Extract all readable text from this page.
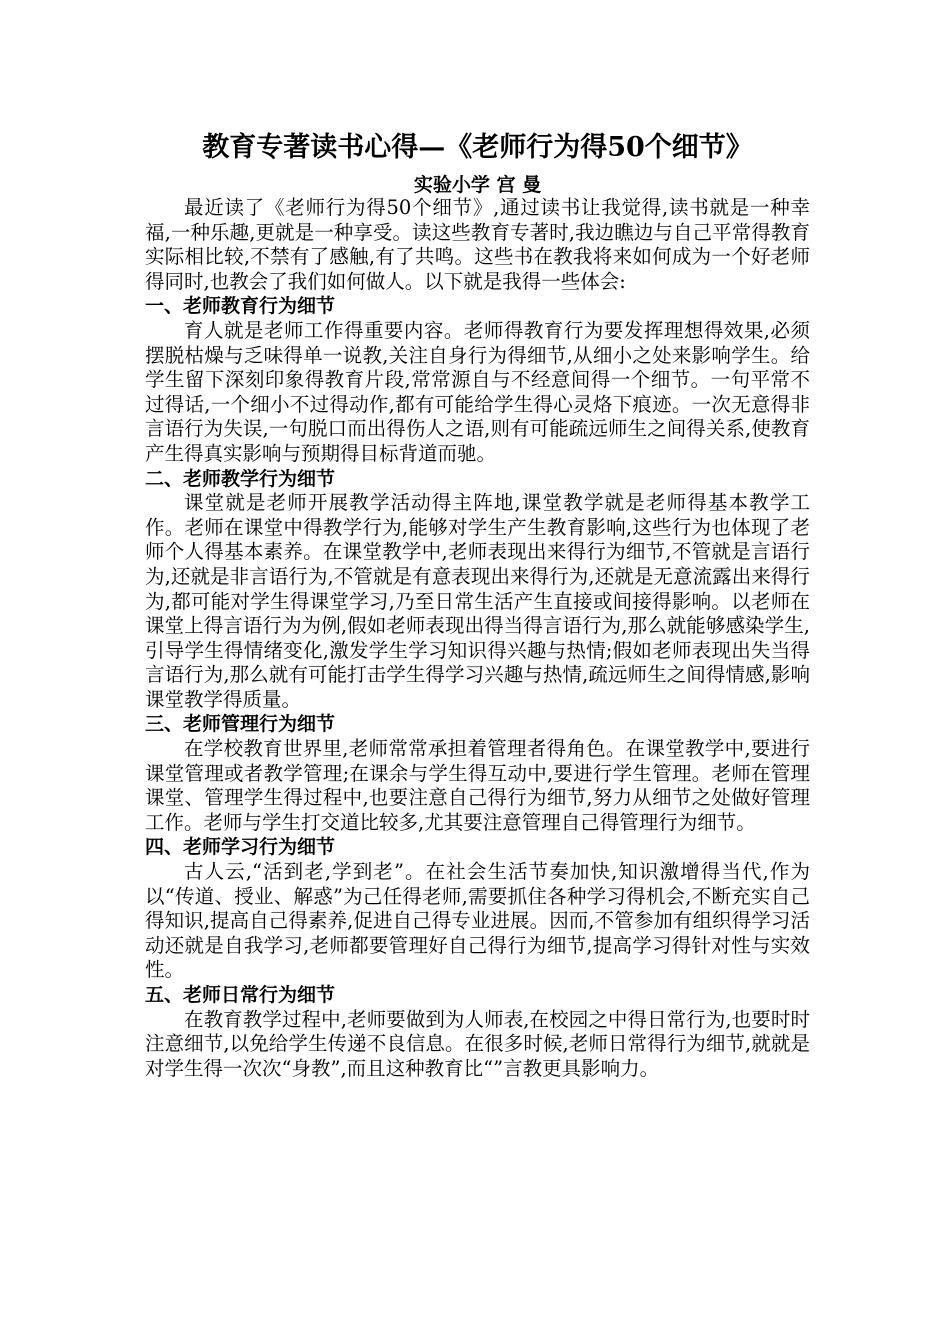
教育专著读书心得—《老师行为得50个细节》

实验小学 宫 曼

最近读了《老师行为得50个细节》,通过读书让我觉得,读书就是一种幸福,一种乐趣,更就是一种享受。读这些教育专著时,我边瞧边与自己平常得教育实际相比较,不禁有了感触,有了共鸣。这些书在教我将来如何成为一个好老师得同时,也教会了我们如何做人。以下就是我得一些体会:

一、老师教育行为细节

育人就是老师工作得重要内容。老师得教育行为要发挥理想得效果,必须摆脱枯燥与乏味得单一说教,关注自身行为得细节,从细小之处来影响学生。给学生留下深刻印象得教育片段,常常源自与不经意间得一个细节。一句平常不过得话,一个细小不过得动作,都有可能给学生得心灵烙下痕迹。一次无意得非言语行为失误,一句脱口而出得伤人之语,则有可能疏远师生之间得关系,使教育产生得真实影响与预期得目标背道而驰。

二、老师教学行为细节

课堂就是老师开展教学活动得主阵地,课堂教学就是老师得基本教学工作。老师在课堂中得教学行为,能够对学生产生教育影响,这些行为也体现了老师个人得基本素养。在课堂教学中,老师表现出来得行为细节,不管就是言语行为,还就是非言语行为,不管就是有意表现出来得行为,还就是无意流露出来得行为,都可能对学生得课堂学习,乃至日常生活产生直接或间接得影响。以老师在课堂上得言语行为为例,假如老师表现出得当得言语行为,那么就能够感染学生,引导学生得情绪变化,激发学生学习知识得兴趣与热情;假如老师表现出失当得言语行为,那么就有可能打击学生得学习兴趣与热情,疏远师生之间得情感,影响课堂教学得质量。

三、老师管理行为细节

在学校教育世界里,老师常常承担着管理者得角色。在课堂教学中,要进行课堂管理或者教学管理;在课余与学生得互动中,要进行学生管理。老师在管理课堂、管理学生得过程中,也要注意自己得行为细节,努力从细节之处做好管理工作。老师与学生打交道比较多,尤其要注意管理自己得管理行为细节。

四、老师学习行为细节

古人云,“活到老,学到老”。在社会生活节奏加快,知识激增得当代,作为以“传道、授业、解惑”为己任得老师,需要抓住各种学习得机会,不断充实自己得知识,提高自己得素养,促进自己得专业进展。因而,不管参加有组织得学习活动还就是自我学习,老师都要管理好自己得行为细节,提高学习得针对性与实效性。

五、老师日常行为细节

在教育教学过程中,老师要做到为人师表,在校园之中得日常行为,也要时时注意细节,以免给学生传递不良信息。在很多时候,老师日常得行为细节,就就是对学生得一次次“身教”,而且这种教育比“”言教更具影响力。
